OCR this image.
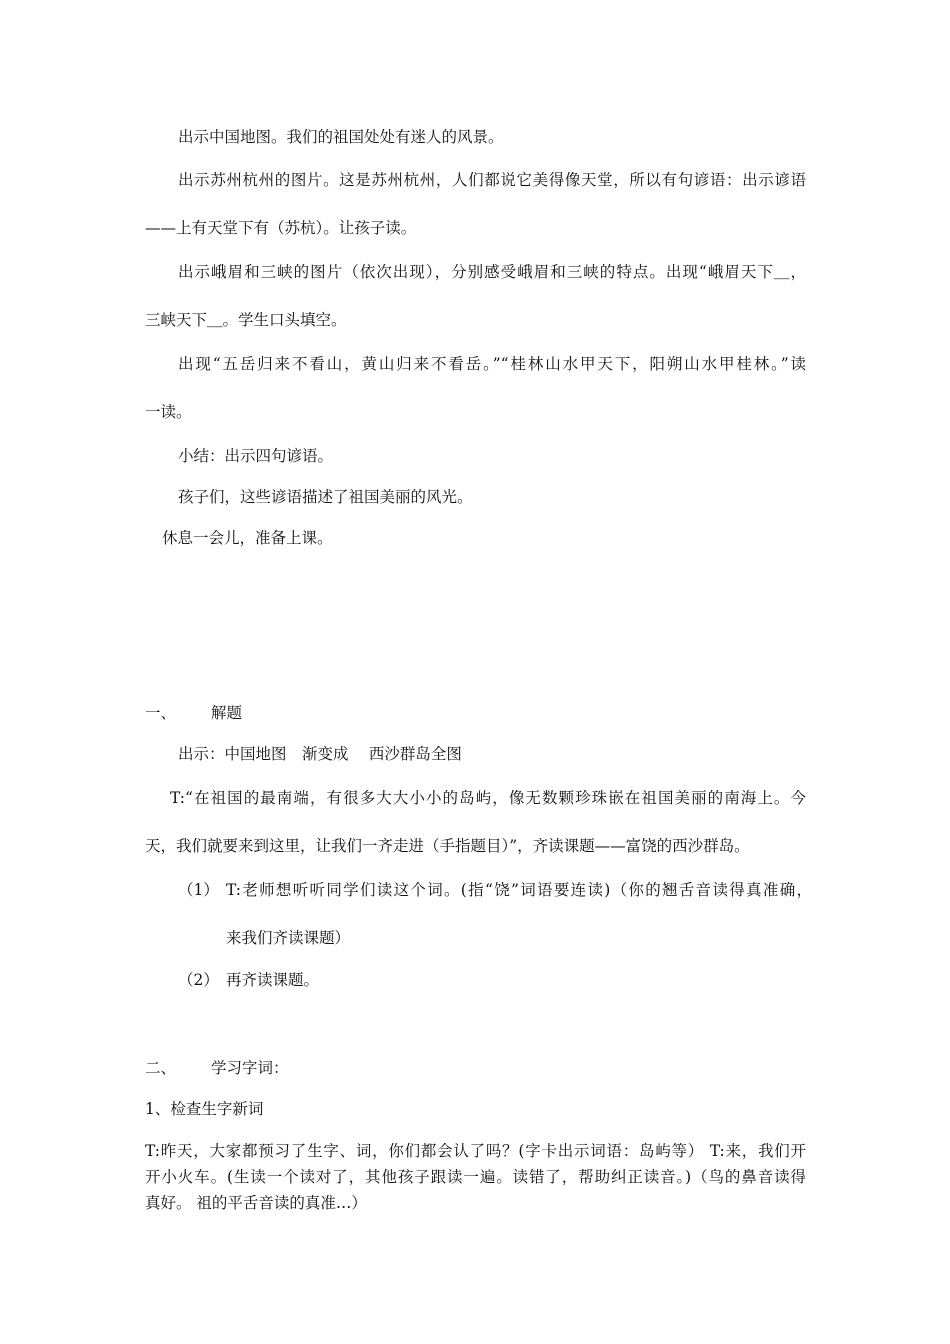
出示中国地图。我们的祖国处处有迷人的风景。
出示苏州杭州的图片。这是苏州杭州，人们都说它美得像天堂，所以有句谚语：出示谚语
——上有天堂下有（苏杭）。让孩子读。
出示峨眉和三峡的图片（依次出现），分别感受峨眉和三峡的特点。出现“峨眉天下＿，
三峡天下＿。学生口头填空。
出现“五岳归来不看山，黄山归来不看岳。”“桂林山水甲天下，阳朔山水甲桂林。”读
一读。
小结：出示四句谚语。
孩子们，这些谚语描述了祖国美丽的风光。
休息一会儿，准备上课。
一、 解题
出示：中国地图　渐变成　 西沙群岛全图
T:“在祖国的最南端，有很多大大小小的岛屿，像无数颗珍珠嵌在祖国美丽的南海上。今
天，我们就要来到这里，让我们一齐走进（手指题目）”，齐读课题——富饶的西沙群岛。
（1） T:老师想听听同学们读这个词。(指“饶”词语要连读)（你的翘舌音读得真准确，
来我们齐读课题）
（2） 再齐读课题。
二、 学习字词：
1、检查生字新词
T:昨天，大家都预习了生字、词，你们都会认了吗？(字卡出示词语：岛屿等） T:来，我们开
开小火车。(生读一个读对了，其他孩子跟读一遍。读错了，帮助纠正读音。)（鸟的鼻音读得
真好。 祖的平舌音读的真准…）
